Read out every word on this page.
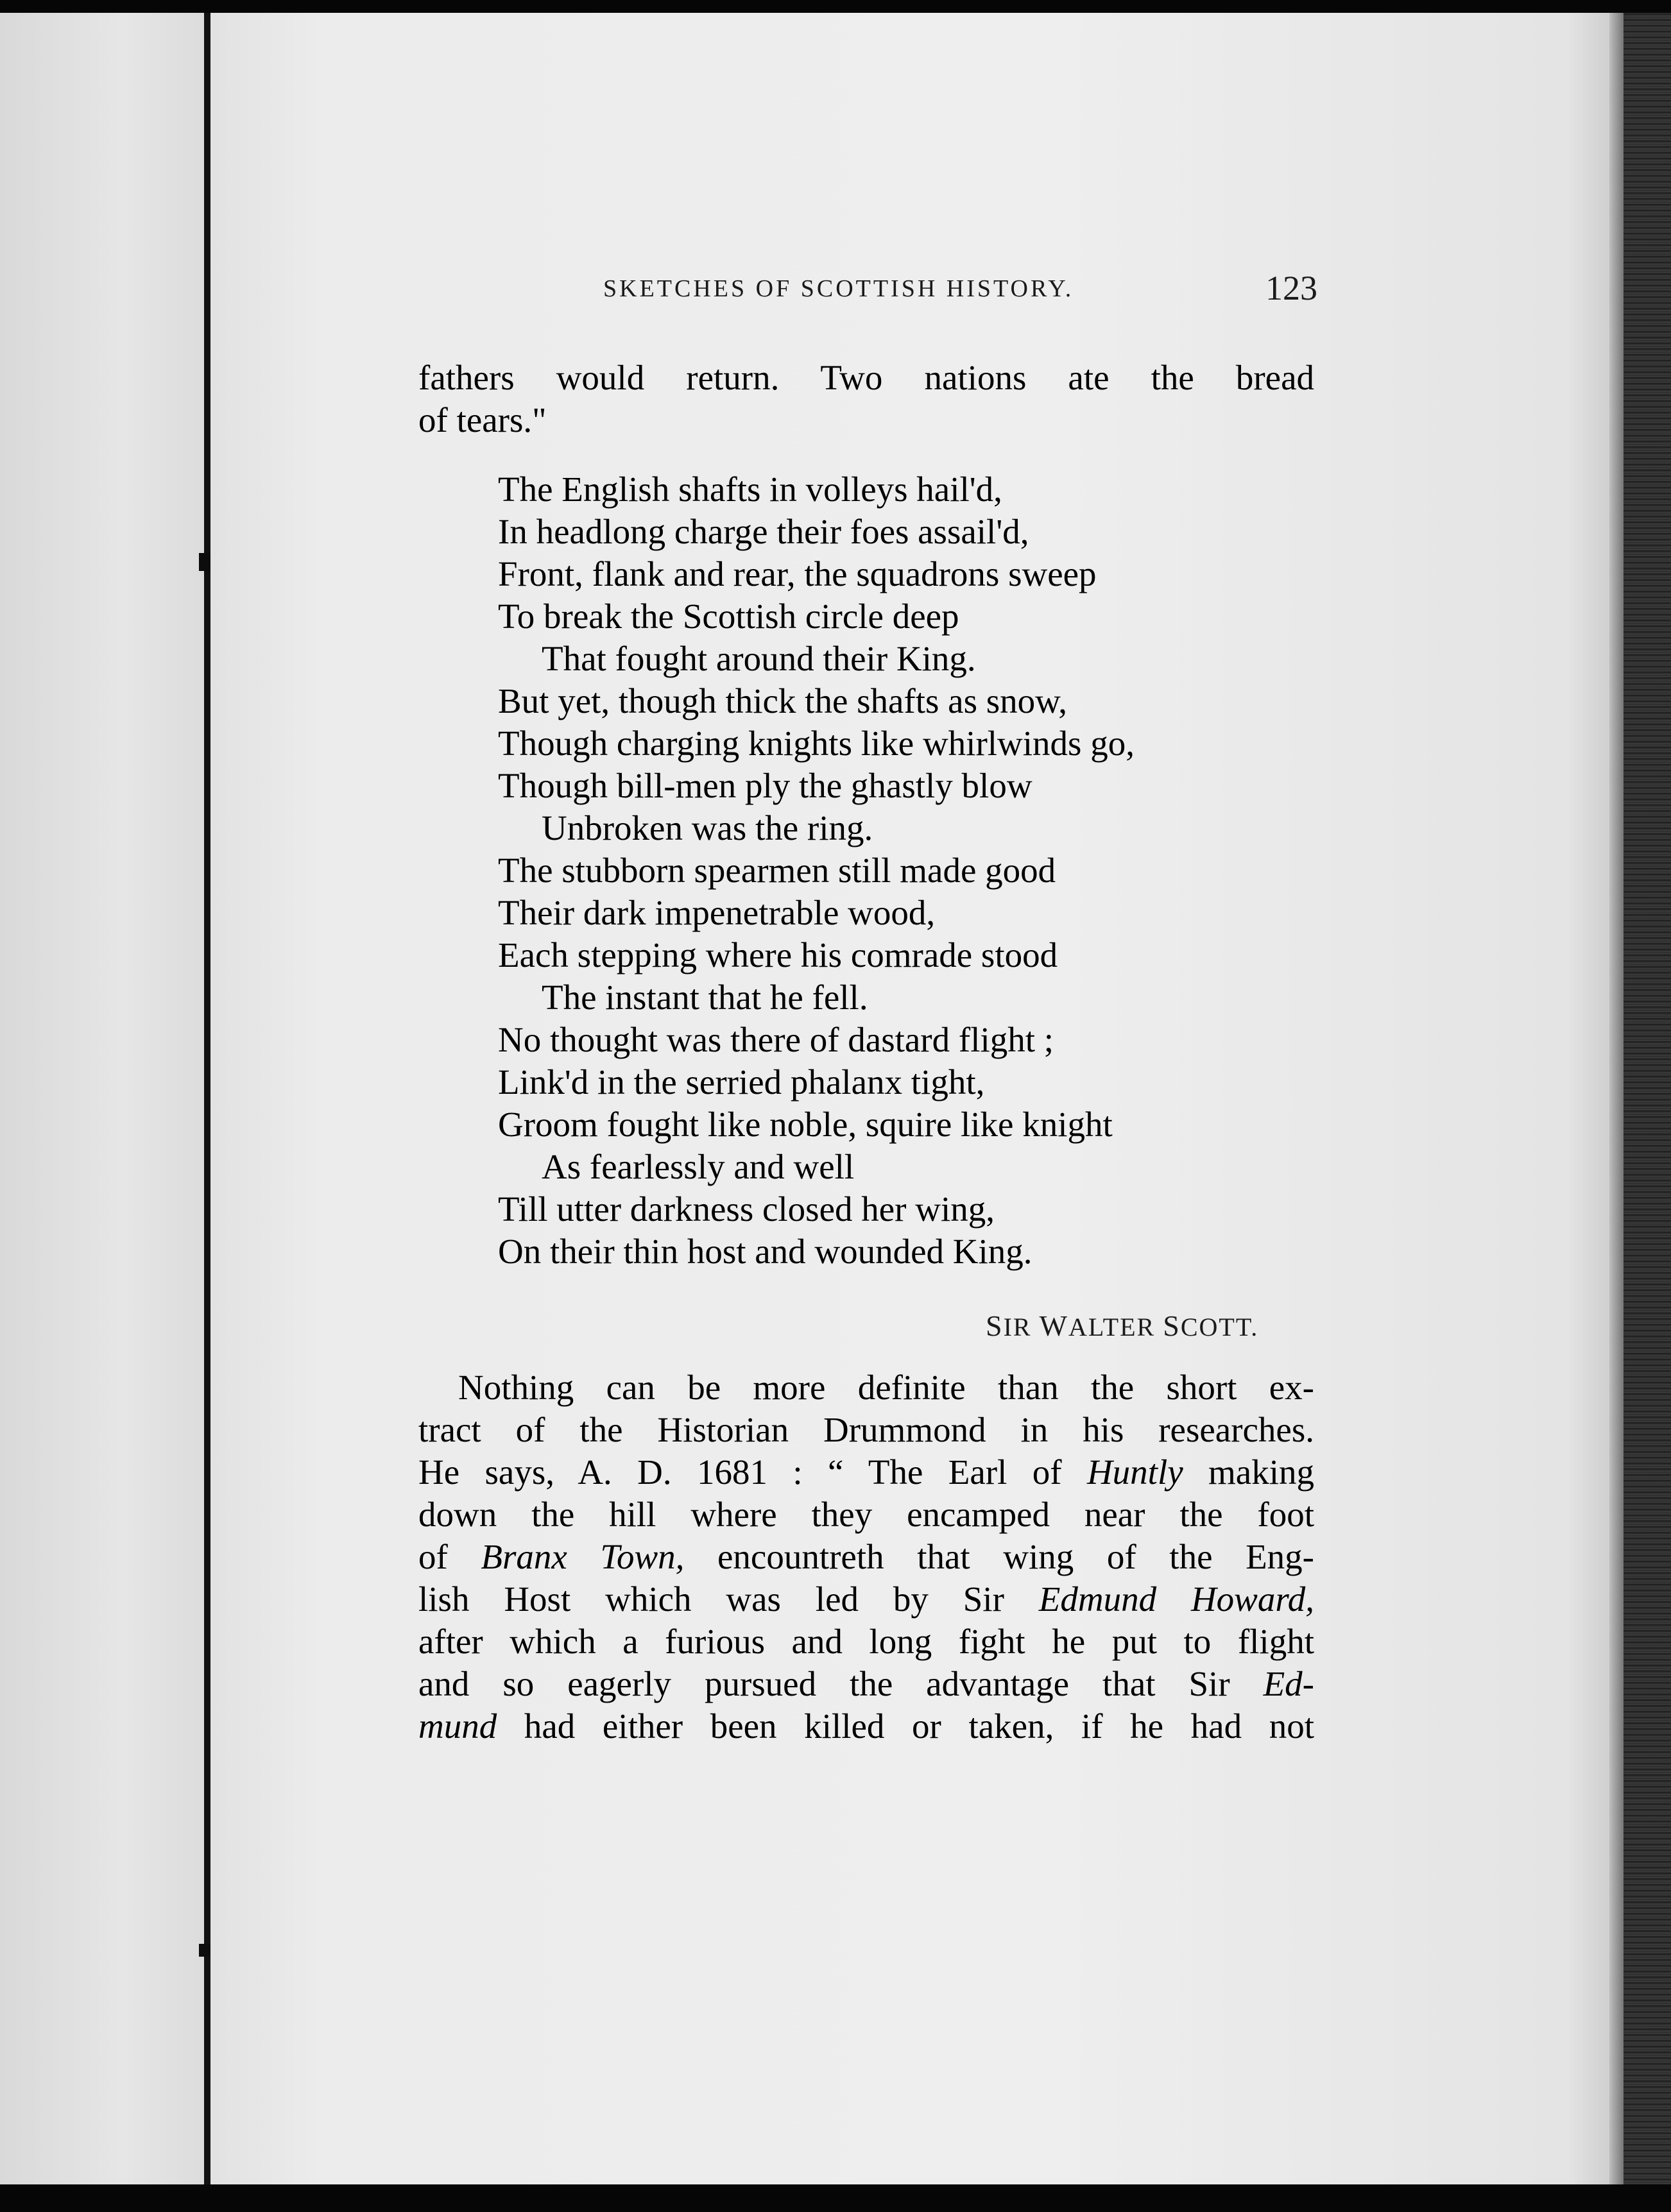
SKETCHES OF SCOTTISH HISTORY.	123
fathers would return. Two nations ate the bread
of tears."
The English shafts in volleys hail'd,
In headlong charge their foes assail'd,
Front, flank and rear, the squadrons sweep
To break the Scottish circle deep
That fought around their King.
But yet, though thick the shafts as snow,
Though charging knights like whirlwinds go,
Though bill-men ply the ghastly blow
Unbroken was the ring.
The stubborn spearmen still made good
Their dark impenetrable wood,
Each stepping where his comrade stood
The instant that he fell.
No thought was there of dastard flight ;
Link'd in the serried phalanx tight,
Groom fought like noble, squire like knight
As fearlessly and well
Till utter darkness closed her wing,
On their thin host and wounded King.
SIR WALTER SCOTT.
Nothing can be more definite than the short ex-
tract of the Historian Drummond in his researches.
He says, A. D. 1681 : “ The Earl of Huntly making
down the hill where they encamped near the foot
of Branx Town, encountreth that wing of the Eng-
lish Host which was led by Sir Edmund Howard,
after which a furious and long fight he put to flight
and so eagerly pursued the advantage that Sir Ed-
mund had either been killed or taken, if he had not
